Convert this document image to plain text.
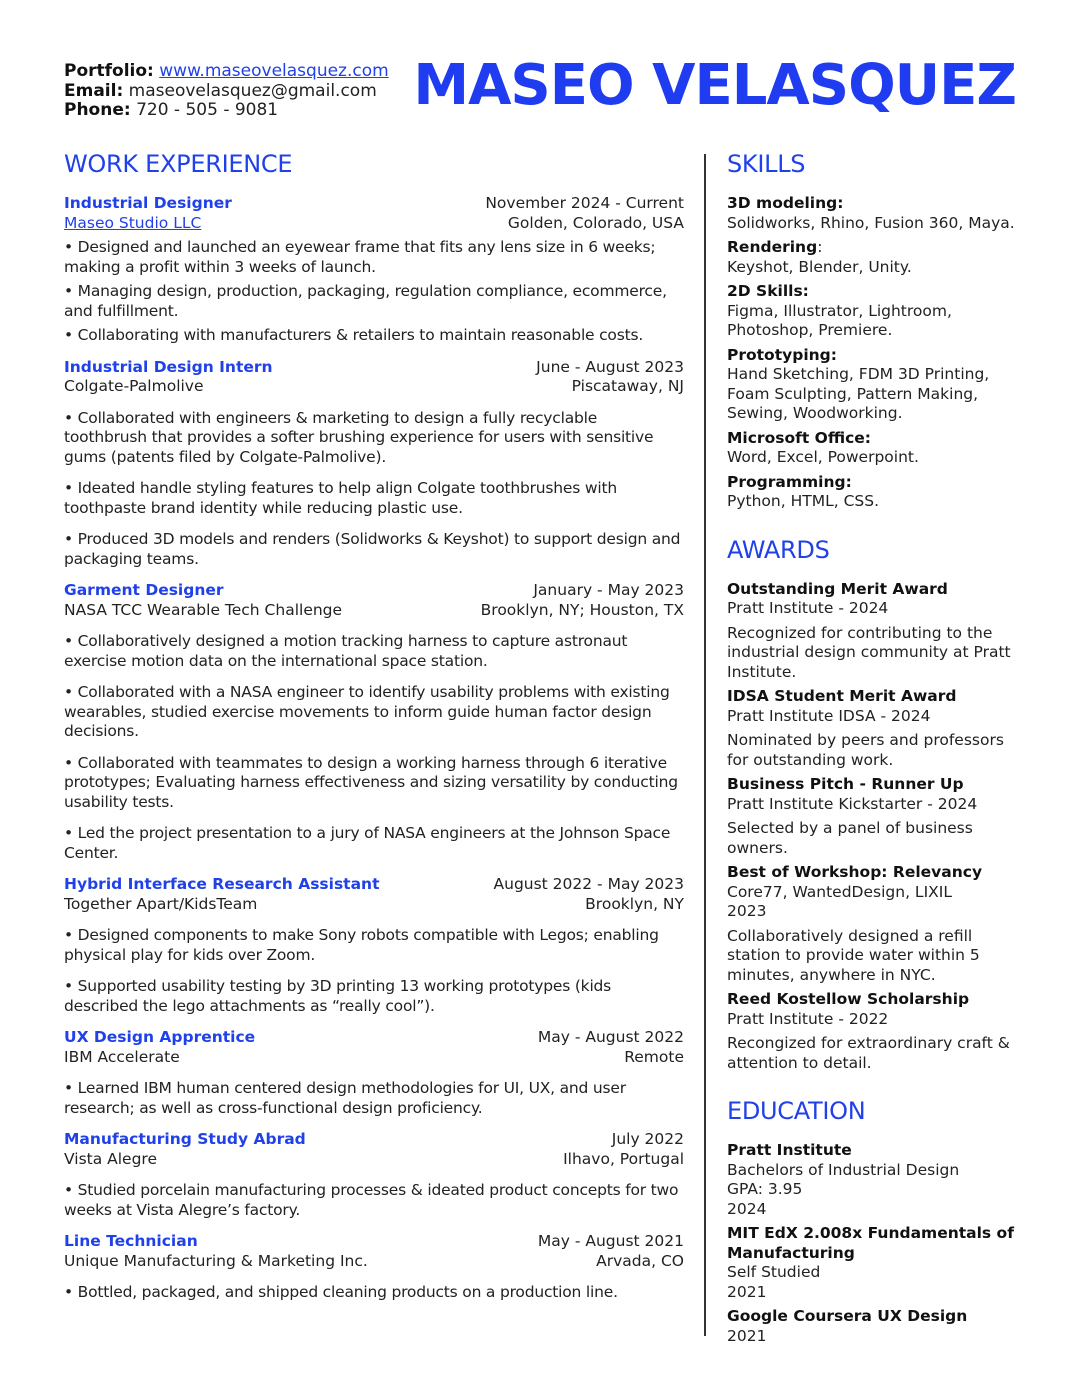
Portfolio: www.maseovelasquez.com
Email: maseovelasquez@gmail.com
Phone: 720 - 505 - 9081	MASEO VELASQUEZ
WORK EXPERIENCE
Industrial Designer	November 2024 - Current
Maseo Studio LLC	Golden, Colorado, USA
• Designed and launched an eyewear frame that fits any lens size in 6 weeks; making a profit within 3 weeks of launch.
• Managing design, production, packaging, regulation compliance, ecommerce, and fulfillment.
• Collaborating with manufacturers & retailers to maintain reasonable costs.
Industrial Design Intern	June - August 2023
Colgate-Palmolive	Piscataway, NJ
• Collaborated with engineers & marketing to design a fully recyclable toothbrush that provides a softer brushing experience for users with sensitive gums (patents filed by Colgate-Palmolive).
• Ideated handle styling features to help align Colgate toothbrushes with toothpaste brand identity while reducing plastic use.
• Produced 3D models and renders (Solidworks & Keyshot) to support design and packaging teams.
Garment Designer	January - May 2023
NASA TCC Wearable Tech Challenge	Brooklyn, NY; Houston, TX
• Collaboratively designed a motion tracking harness to capture astronaut exercise motion data on the international space station.
• Collaborated with a NASA engineer to identify usability problems with existing wearables, studied exercise movements to inform guide human factor design decisions.
• Collaborated with teammates to design a working harness through 6 iterative prototypes; Evaluating harness effectiveness and sizing versatility by conducting usability tests.
• Led the project presentation to a jury of NASA engineers at the Johnson Space Center.
Hybrid Interface Research Assistant	August 2022 - May 2023
Together Apart/KidsTeam	Brooklyn, NY
• Designed components to make Sony robots compatible with Legos; enabling physical play for kids over Zoom.
• Supported usability testing by 3D printing 13 working prototypes (kids described the lego attachments as “really cool”).
UX Design Apprentice	May - August 2022
IBM Accelerate	Remote
• Learned IBM human centered design methodologies for UI, UX, and user research; as well as cross-functional design proficiency.
Manufacturing Study Abrad	July 2022
Vista Alegre	Ilhavo, Portugal
• Studied porcelain manufacturing processes & ideated product concepts for two weeks at Vista Alegre’s factory.
Line Technician	May - August 2021
Unique Manufacturing & Marketing Inc.	Arvada, CO
• Bottled, packaged, and shipped cleaning products on a production line.
SKILLS
3D modeling:
Solidworks, Rhino, Fusion 360, Maya.
Rendering:
Keyshot, Blender, Unity.
2D Skills:
Figma, Illustrator, Lightroom, Photoshop, Premiere.
Prototyping:
Hand Sketching, FDM 3D Printing, Foam Sculpting, Pattern Making, Sewing, Woodworking.
Microsoft Office:
Word, Excel, Powerpoint.
Programming:
Python, HTML, CSS.
AWARDS
Outstanding Merit Award
Pratt Institute - 2024
Recognized for contributing to the industrial design community at Pratt Institute.
IDSA Student Merit Award
Pratt Institute IDSA - 2024
Nominated by peers and professors for outstanding work.
Business Pitch - Runner Up
Pratt Institute Kickstarter - 2024
Selected by a panel of business owners.
Best of Workshop: Relevancy
Core77, WantedDesign, LIXIL
2023
Collaboratively designed a refill station to provide water within 5 minutes, anywhere in NYC.
Reed Kostellow Scholarship
Pratt Institute - 2022
Recongized for extraordinary craft & attention to detail.
EDUCATION
Pratt Institute
Bachelors of Industrial Design
GPA: 3.95
2024
MIT EdX 2.008x Fundamentals of Manufacturing
Self Studied
2021
Google Coursera UX Design
2021
